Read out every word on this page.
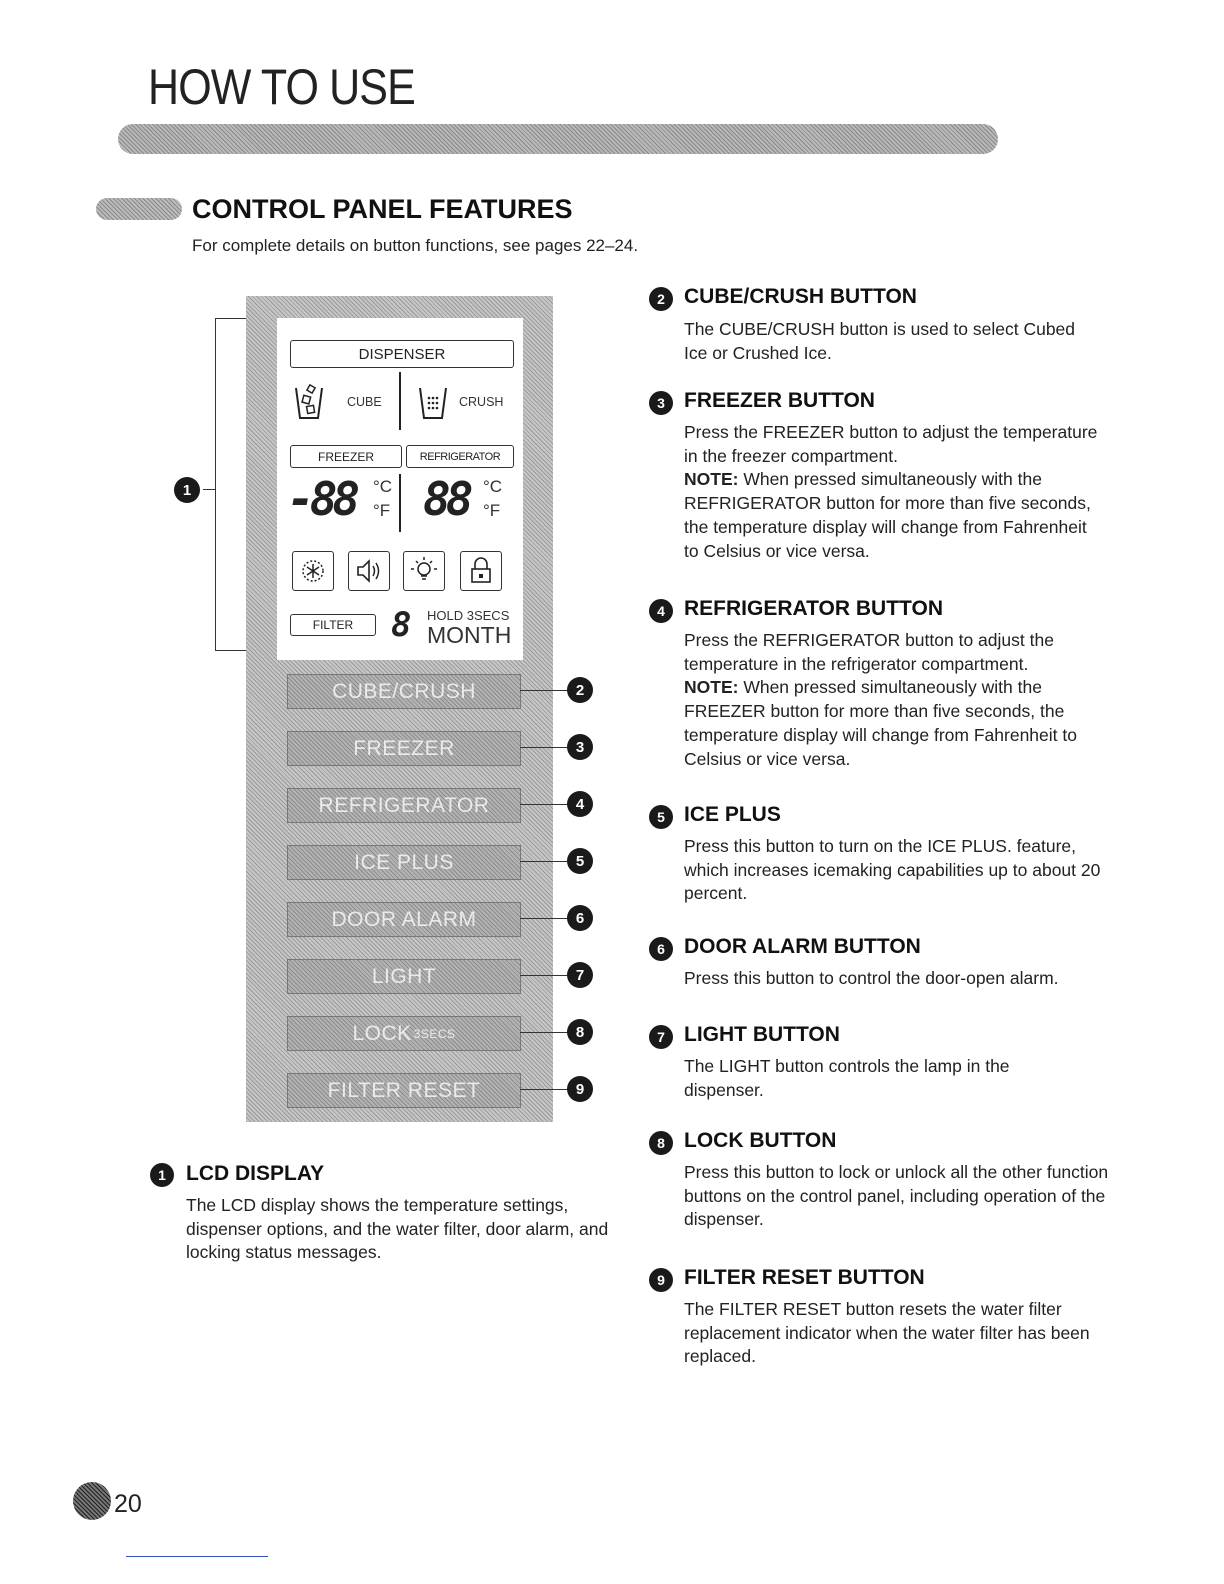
HOW TO USE
CONTROL PANEL FEATURES
For complete details on button functions, see pages 22–24.
1
DISPENSER
CUBE	CRUSH
FREEZER	REFRIGERATOR
-88 °C
°F 88 °C
°F
FILTER	8 HOLD 3SECS
MONTH
CUBE/CRUSH	2
FREEZER	3
REFRIGERATOR	4
ICE PLUS	5
DOOR ALARM	6
LIGHT	7
LOCK 3SECS	8
FILTER RESET	9
1 LCD DISPLAY
The LCD display shows the temperature settings, dispenser options, and the water filter, door alarm, and locking status messages.
2 CUBE/CRUSH BUTTON
The CUBE/CRUSH button is used to select Cubed Ice or Crushed Ice.
3 FREEZER BUTTON
Press the FREEZER button to adjust the temperature in the freezer compartment.
NOTE: When pressed simultaneously with the REFRIGERATOR button for more than five seconds, the temperature display will change from Fahrenheit to Celsius or vice versa.
4 REFRIGERATOR BUTTON
Press the REFRIGERATOR button to adjust the temperature in the refrigerator compartment.
NOTE: When pressed simultaneously with the FREEZER button for more than five seconds, the temperature display will change from Fahrenheit to Celsius or vice versa.
5 ICE PLUS
Press this button to turn on the ICE PLUS. feature, which increases icemaking capabilities up to about 20 percent.
6 DOOR ALARM BUTTON
Press this button to control the door-open alarm.
7 LIGHT BUTTON
The LIGHT button controls the lamp in the dispenser.
8 LOCK BUTTON
Press this button to lock or unlock all the other function buttons on the control panel, including operation of the dispenser.
9 FILTER RESET BUTTON
The FILTER RESET button resets the water filter replacement indicator when the water filter has been replaced.
20
